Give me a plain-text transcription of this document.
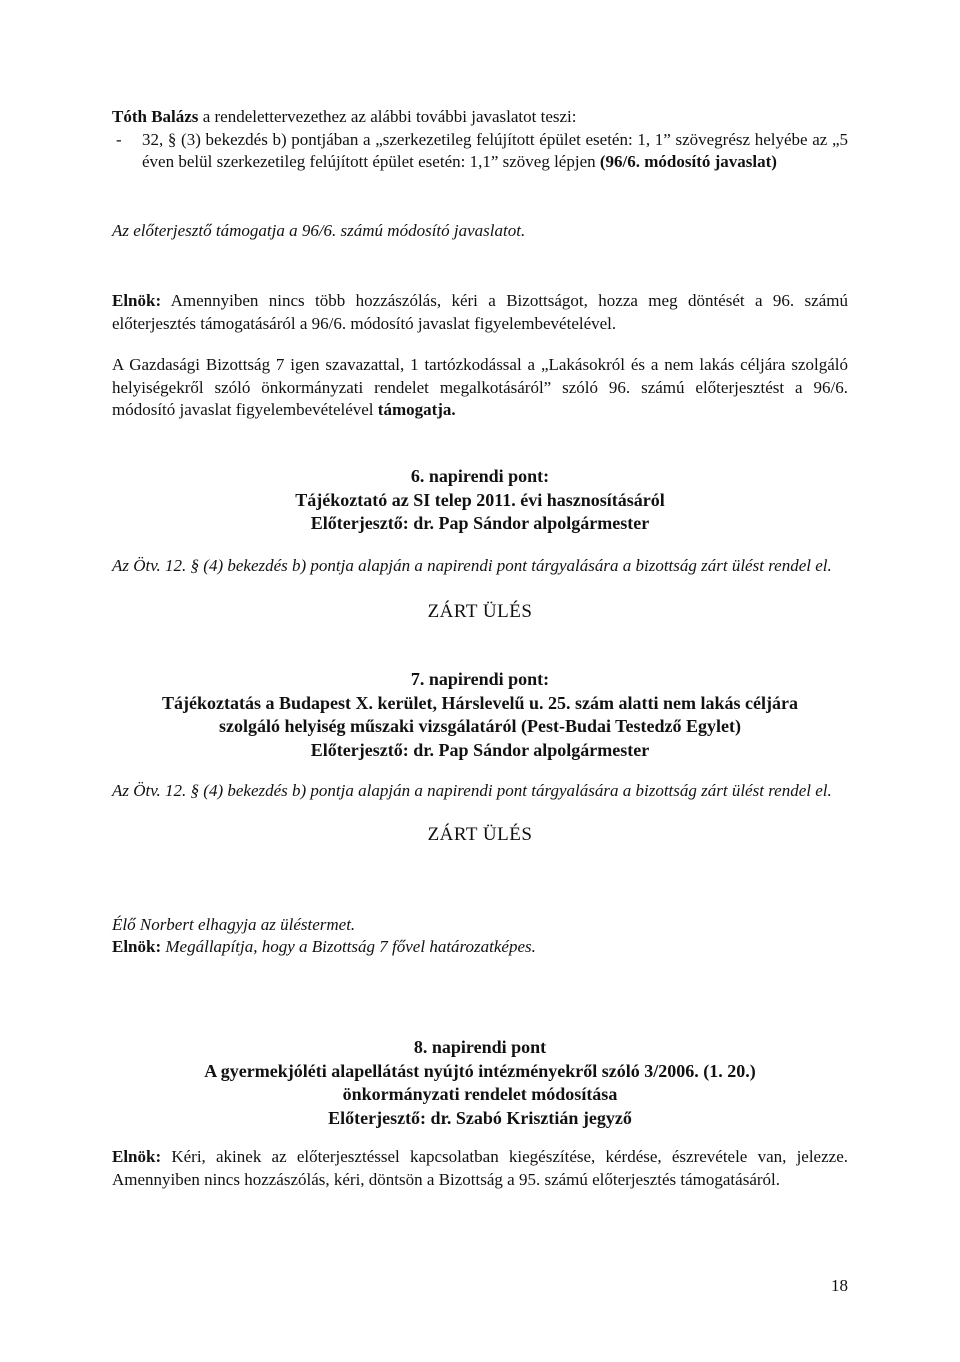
Tóth Balázs a rendelettervezethez az alábbi további javaslatot teszi:
-	32, § (3) bekezdés b) pontjában a „szerkezetileg felújított épület esetén: 1, 1” szövegrész helyébe az „5 éven belül szerkezetileg felújított épület esetén: 1,1” szöveg lépjen (96/6. módosító javaslat)
Az előterjesztő támogatja a 96/6. számú módosító javaslatot.
Elnök: Amennyiben nincs több hozzászólás, kéri a Bizottságot, hozza meg döntését a 96. számú előterjesztés támogatásáról a 96/6. módosító javaslat figyelembevételével.
A Gazdasági Bizottság 7 igen szavazattal, 1 tartózkodással a „Lakásokról és a nem lakás céljára szolgáló helyiségekről szóló önkormányzati rendelet megalkotásáról” szóló 96. számú előterjesztést a 96/6. módosító javaslat figyelembevételével támogatja.
6. napirendi pont:
Tájékoztató az SI telep 2011. évi hasznosításáról
Előterjesztő: dr. Pap Sándor alpolgármester
Az Ötv. 12. § (4) bekezdés b) pontja alapján a napirendi pont tárgyalására a bizottság zárt ülést rendel el.
ZÁRT ÜLÉS
7. napirendi pont:
Tájékoztatás a Budapest X. kerület, Hárslevelű u. 25. szám alatti nem lakás céljára
szolgáló helyiség műszaki vizsgálatáról (Pest-Budai Testedző Egylet)
Előterjesztő: dr. Pap Sándor alpolgármester
Az Ötv. 12. § (4) bekezdés b) pontja alapján a napirendi pont tárgyalására a bizottság zárt ülést rendel el.
ZÁRT ÜLÉS
Élő Norbert elhagyja az üléstermet.
Elnök: Megállapítja, hogy a Bizottság 7 fővel határozatképes.
8. napirendi pont
A gyermekjóléti alapellátást nyújtó intézményekről szóló 3/2006. (1. 20.)
önkormányzati rendelet módosítása
Előterjesztő: dr. Szabó Krisztián jegyző
Elnök: Kéri, akinek az előterjesztéssel kapcsolatban kiegészítése, kérdése, észrevétele van, jelezze. Amennyiben nincs hozzászólás, kéri, döntsön a Bizottság a 95. számú előterjesztés támogatásáról.
18
